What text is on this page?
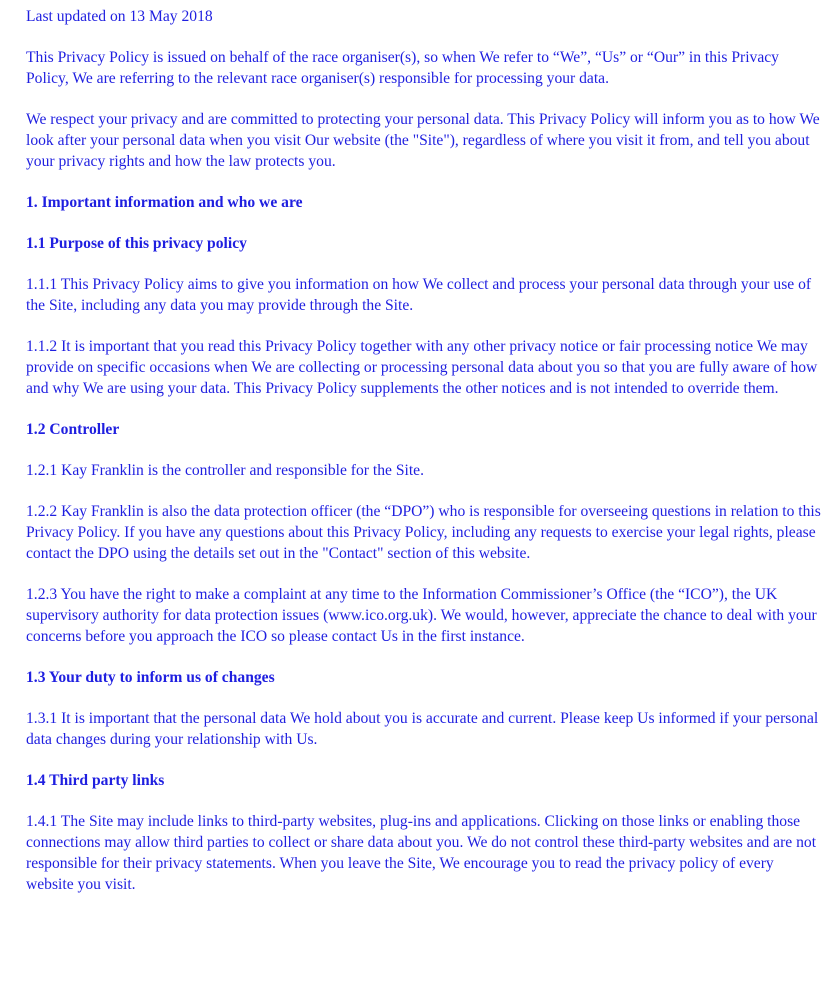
Last updated on 13 May 2018

This Privacy Policy is issued on behalf of the race organiser(s), so when We refer to “We”, “Us” or “Our” in this Privacy Policy, We are referring to the relevant race organiser(s) responsible for processing your data.

We respect your privacy and are committed to protecting your personal data. This Privacy Policy will inform you as to how We look after your personal data when you visit Our website (the "Site"), regardless of where you visit it from, and tell you about your privacy rights and how the law protects you.

1. Important information and who we are
1.1 Purpose of this privacy policy

1.1.1 This Privacy Policy aims to give you information on how We collect and process your personal data through your use of the Site, including any data you may provide through the Site.

1.1.2 It is important that you read this Privacy Policy together with any other privacy notice or fair processing notice We may provide on specific occasions when We are collecting or processing personal data about you so that you are fully aware of how and why We are using your data. This Privacy Policy supplements the other notices and is not intended to override them.

1.2 Controller

1.2.1 Kay Franklin is the controller and responsible for the Site.

1.2.2 Kay Franklin is also the data protection officer (the “DPO”) who is responsible for overseeing questions in relation to this Privacy Policy. If you have any questions about this Privacy Policy, including any requests to exercise your legal rights, please contact the DPO using the details set out in the "Contact" section of this website.

1.2.3 You have the right to make a complaint at any time to the Information Commissioner’s Office (the “ICO”), the UK supervisory authority for data protection issues (www.ico.org.uk). We would, however, appreciate the chance to deal with your concerns before you approach the ICO so please contact Us in the first instance.

1.3 Your duty to inform us of changes

1.3.1 It is important that the personal data We hold about you is accurate and current. Please keep Us informed if your personal data changes during your relationship with Us.

1.4 Third party links

1.4.1 The Site may include links to third-party websites, plug-ins and applications. Clicking on those links or enabling those connections may allow third parties to collect or share data about you. We do not control these third-party websites and are not responsible for their privacy statements. When you leave the Site, We encourage you to read the privacy policy of every website you visit.
